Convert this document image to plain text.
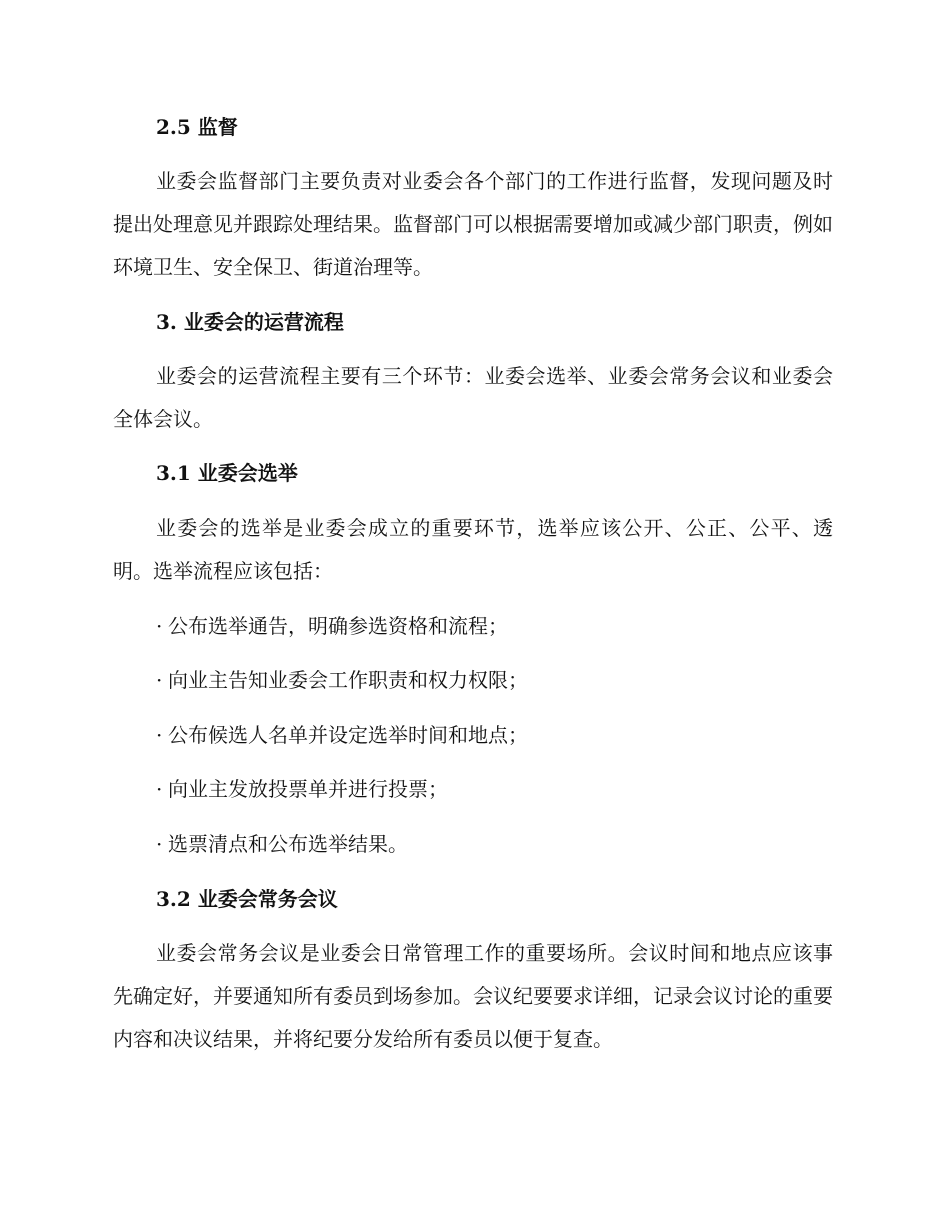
2.5 监督
业委会监督部门主要负责对业委会各个部门的工作进行监督，发现问题及时提出处理意见并跟踪处理结果。监督部门可以根据需要增加或减少部门职责，例如环境卫生、安全保卫、街道治理等。
3. 业委会的运营流程
业委会的运营流程主要有三个环节：业委会选举、业委会常务会议和业委会全体会议。
3.1 业委会选举
业委会的选举是业委会成立的重要环节，选举应该公开、公正、公平、透明。选举流程应该包括：
· 公布选举通告，明确参选资格和流程；
· 向业主告知业委会工作职责和权力权限；
· 公布候选人名单并设定选举时间和地点；
· 向业主发放投票单并进行投票；
· 选票清点和公布选举结果。
3.2 业委会常务会议
业委会常务会议是业委会日常管理工作的重要场所。会议时间和地点应该事先确定好，并要通知所有委员到场参加。会议纪要要求详细，记录会议讨论的重要内容和决议结果，并将纪要分发给所有委员以便于复查。
